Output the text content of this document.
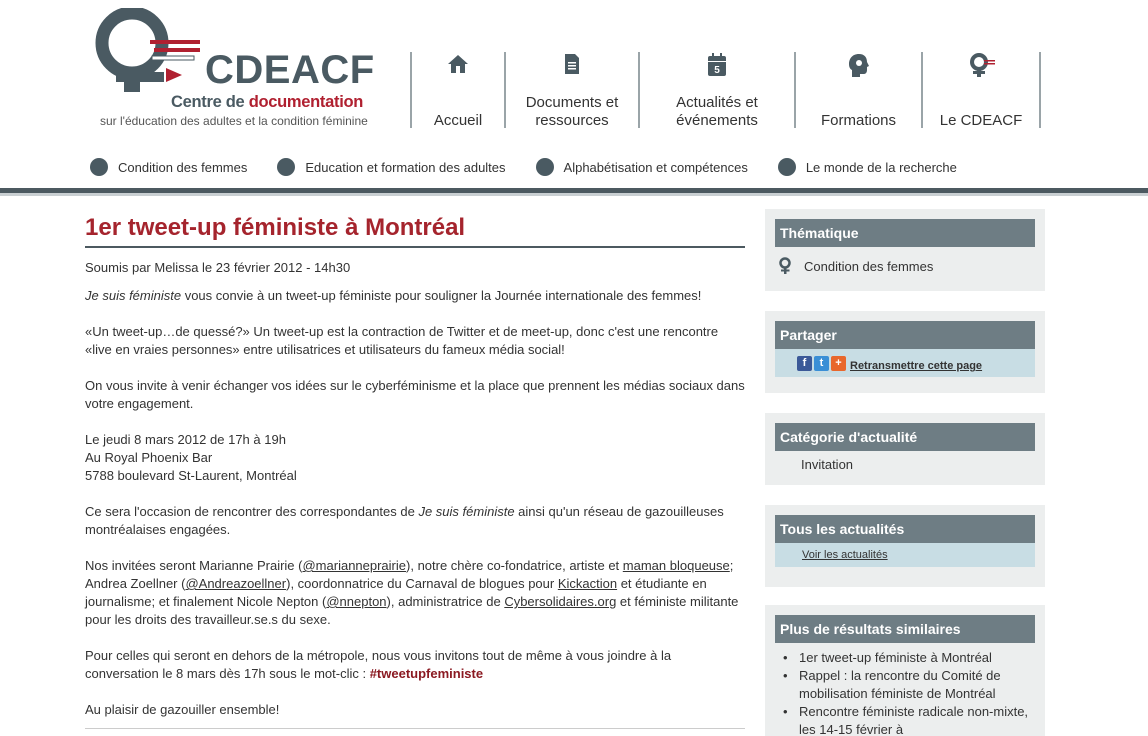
CDEACF
Centre de documentation
sur l'éducation des adultes et la condition féminine	Accueil
Documents et ressources
5
Actualités et événements	Formations	Le CDEACF
Condition des femmes	Education et formation des adultes	Alphabétisation et compétences	Le monde de la recherche
1er tweet-up féministe à Montréal
Soumis par Melissa le 23 février 2012 - 14h30

Je suis féministe vous convie à un tweet-up féministe pour souligner la Journée internationale des femmes!

«Un tweet-up…de quessé?» Un tweet-up est la contraction de Twitter et de meet-up, donc c'est une rencontre «live en vraies personnes» entre utilisatrices et utilisateurs du fameux média social!

On vous invite à venir échanger vos idées sur le cyberféminisme et la place que prennent les médias sociaux dans votre engagement.

Le jeudi 8 mars 2012 de 17h à 19h
Au Royal Phoenix Bar
5788 boulevard St-Laurent, Montréal

Ce sera l'occasion de rencontrer des correspondantes de Je suis féministe ainsi qu'un réseau de gazouilleuses montréalaises engagées.

Nos invitées seront Marianne Prairie (@marianneprairie), notre chère co-fondatrice, artiste et maman bloqueuse; Andrea Zoellner (@Andreazoellner), coordonnatrice du Carnaval de blogues pour Kickaction et étudiante en journalisme; et finalement Nicole Nepton (@nnepton), administratrice de Cybersolidaires.org et féministe militante pour les droits des travailleur.se.s du sexe.

Pour celles qui seront en dehors de la métropole, nous vous invitons tout de même à vous joindre à la conversation le 8 mars dès 17h sous le mot-clic : #tweetupfeministe

Au plaisir de gazouiller ensemble!

Thématique
Condition des femmes
Partager
f	t	+ Retransmettre cette page
Catégorie d'actualité
Invitation
Tous les actualités
Voir les actualités
Plus de résultats similaires
• 1er tweet-up féministe à Montréal
• Rappel : la rencontre du Comité de mobilisation féministe de Montréal
• Rencontre féministe radicale non-mixte, les 14-15 février à
